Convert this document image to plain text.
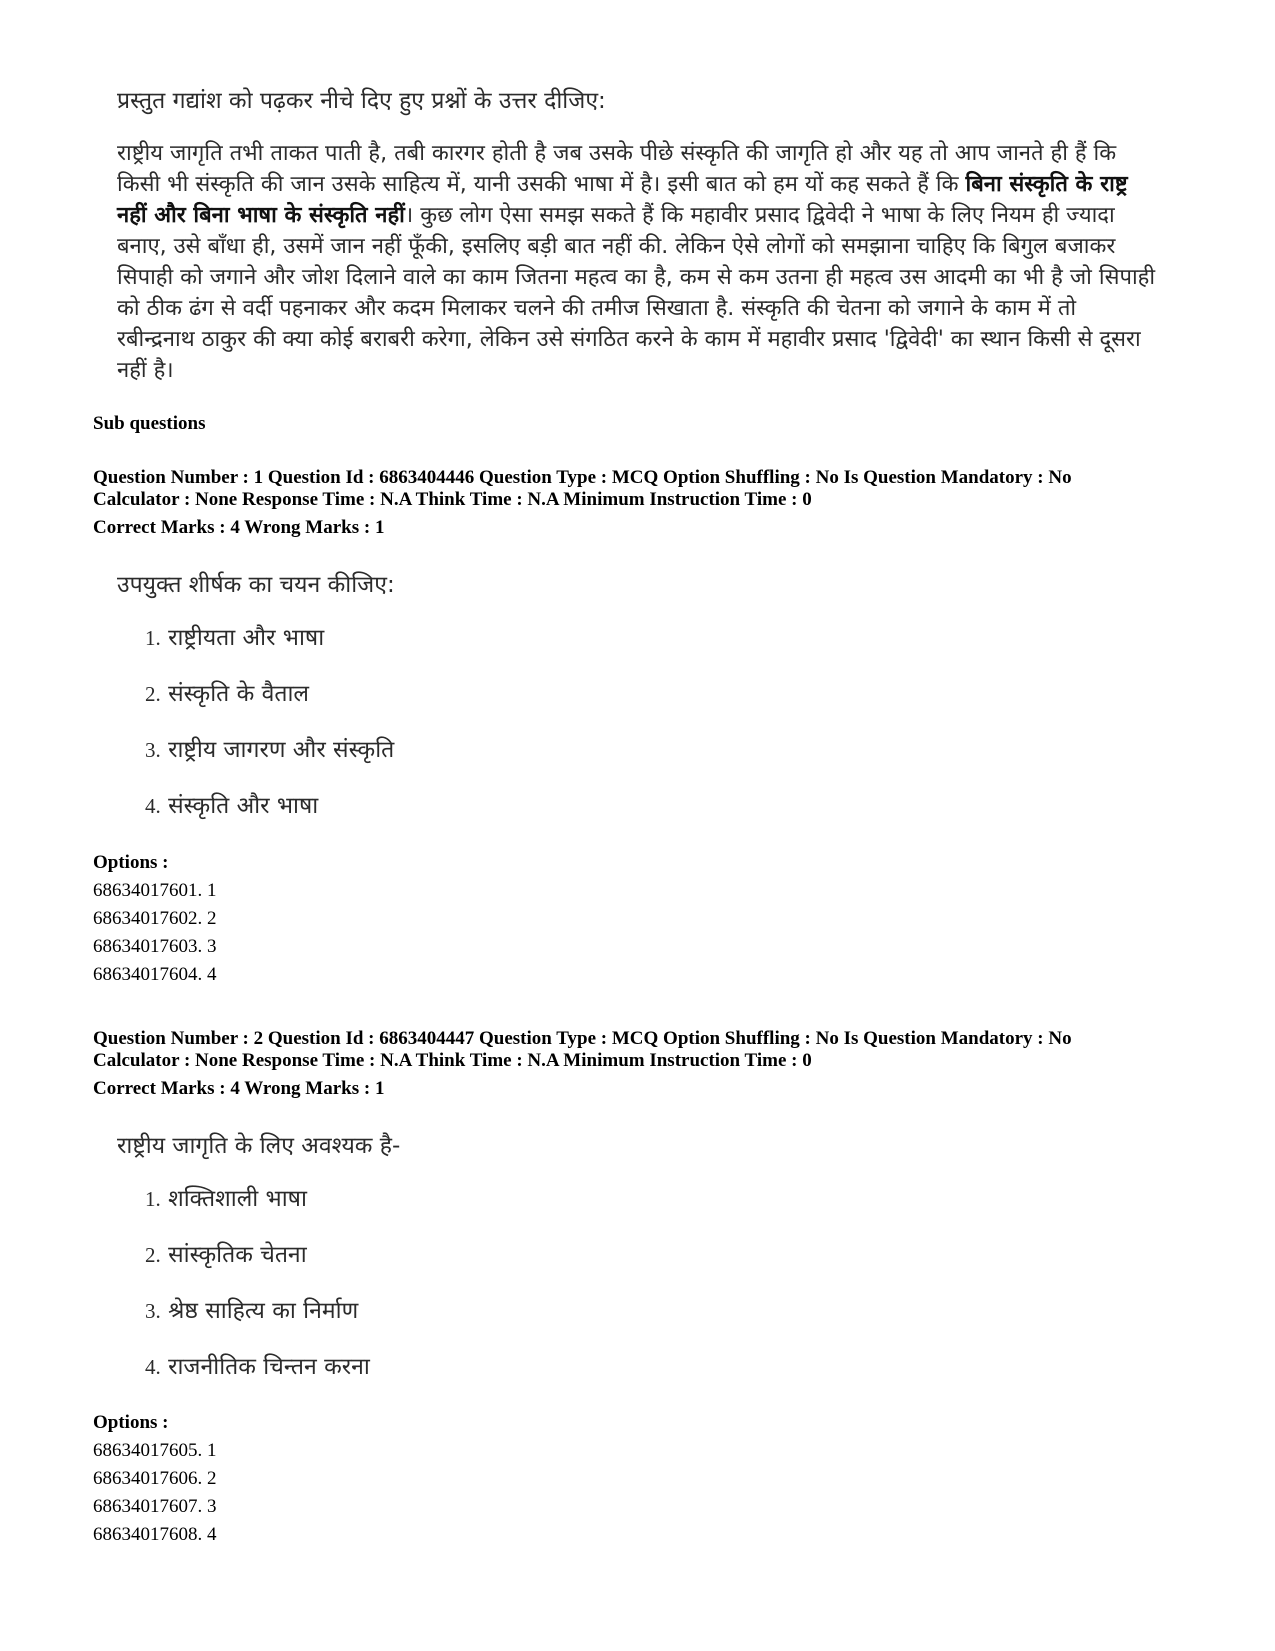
प्रस्तुत गद्यांश को पढ़कर नीचे दिए हुए प्रश्नों के उत्तर दीजिए:
राष्ट्रीय जागृति तभी ताकत पाती है, तबी कारगर होती है जब उसके पीछे संस्कृति की जागृति हो और यह तो आप जानते ही हैं कि किसी भी संस्कृति की जान उसके साहित्य में, यानी उसकी भाषा में है। इसी बात को हम यों कह सकते हैं कि बिना संस्कृति के राष्ट्र नहीं और बिना भाषा के संस्कृति नहीं। कुछ लोग ऐसा समझ सकते हैं कि महावीर प्रसाद द्विवेदी ने भाषा के लिए नियम ही ज्यादा बनाए, उसे बाँधा ही, उसमें जान नहीं फूँकी, इसलिए बड़ी बात नहीं की. लेकिन ऐसे लोगों को समझाना चाहिए कि बिगुल बजाकर सिपाही को जगाने और जोश दिलाने वाले का काम जितना महत्व का है, कम से कम उतना ही महत्व उस आदमी का भी है जो सिपाही को ठीक ढंग से वर्दी पहनाकर और कदम मिलाकर चलने की तमीज सिखाता है. संस्कृति की चेतना को जगाने के काम में तो रबीन्द्रनाथ ठाकुर की क्या कोई बराबरी करेगा, लेकिन उसे संगठित करने के काम में महावीर प्रसाद 'द्विवेदी' का स्थान किसी से दूसरा नहीं है।
Sub questions
Question Number : 1 Question Id : 6863404446 Question Type : MCQ Option Shuffling : No Is Question Mandatory : No
Calculator : None Response Time : N.A Think Time : N.A Minimum Instruction Time : 0
Correct Marks : 4 Wrong Marks : 1
उपयुक्त शीर्षक का चयन कीजिए:
1. राष्ट्रीयता और भाषा
2. संस्कृति के वैताल
3. राष्ट्रीय जागरण और संस्कृति
4. संस्कृति और भाषा
Options :
68634017601. 1
68634017602. 2
68634017603. 3
68634017604. 4
Question Number : 2 Question Id : 6863404447 Question Type : MCQ Option Shuffling : No Is Question Mandatory : No
Calculator : None Response Time : N.A Think Time : N.A Minimum Instruction Time : 0
Correct Marks : 4 Wrong Marks : 1
राष्ट्रीय जागृति के लिए अवश्यक है-
1. शक्तिशाली भाषा
2. सांस्कृतिक चेतना
3. श्रेष्ठ साहित्य का निर्माण
4. राजनीतिक चिन्तन करना
Options :
68634017605. 1
68634017606. 2
68634017607. 3
68634017608. 4
